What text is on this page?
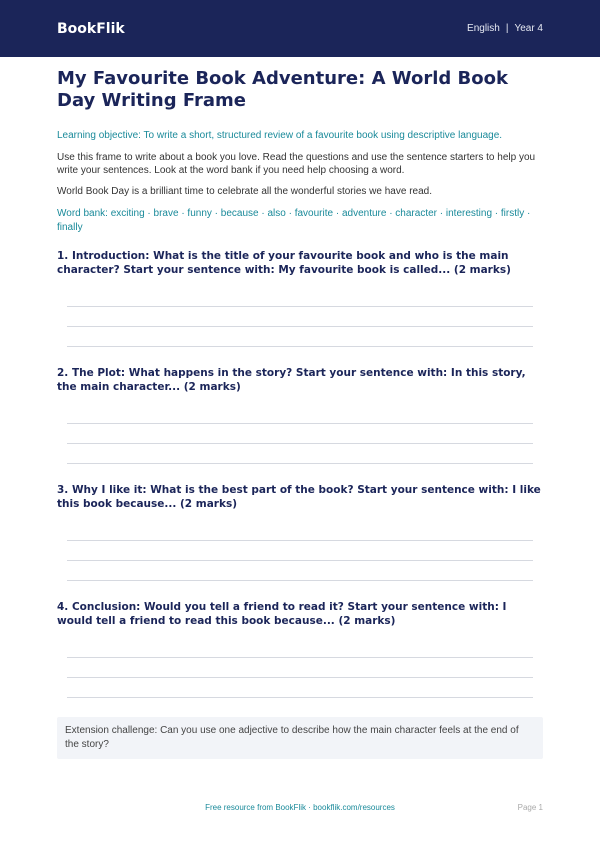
BookFlik	English | Year 4
My Favourite Book Adventure: A World Book Day Writing Frame
Learning objective: To write a short, structured review of a favourite book using descriptive language.
Use this frame to write about a book you love. Read the questions and use the sentence starters to help you write your sentences. Look at the word bank if you need help choosing a word.
World Book Day is a brilliant time to celebrate all the wonderful stories we have read.
Word bank: exciting · brave · funny · because · also · favourite · adventure · character · interesting · firstly · finally

1. Introduction: What is the title of your favourite book and who is the main character? Start your sentence with: My favourite book is called... (2 marks)

2. The Plot: What happens in the story? Start your sentence with: In this story, the main character... (2 marks)

3. Why I like it: What is the best part of the book? Start your sentence with: I like this book because... (2 marks)

4. Conclusion: Would you tell a friend to read it? Start your sentence with: I would tell a friend to read this book because... (2 marks)

Extension challenge: Can you use one adjective to describe how the main character feels at the end of the story?
Free resource from BookFlik · bookflik.com/resources	Page 1
